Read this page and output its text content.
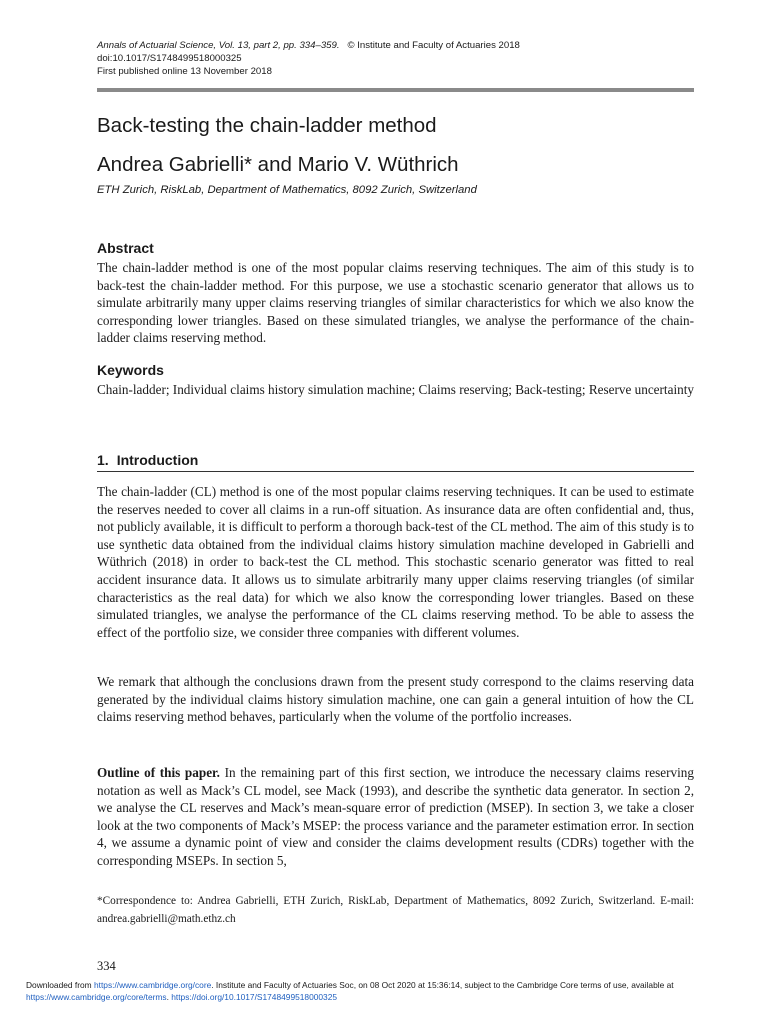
Annals of Actuarial Science, Vol. 13, part 2, pp. 334–359. © Institute and Faculty of Actuaries 2018
doi:10.1017/S1748499518000325
First published online 13 November 2018
Back-testing the chain-ladder method
Andrea Gabrielli* and Mario V. Wüthrich
ETH Zurich, RiskLab, Department of Mathematics, 8092 Zurich, Switzerland
Abstract
The chain-ladder method is one of the most popular claims reserving techniques. The aim of this study is to back-test the chain-ladder method. For this purpose, we use a stochastic scenario generator that allows us to simulate arbitrarily many upper claims reserving triangles of similar characteristics for which we also know the corresponding lower triangles. Based on these simulated triangles, we analyse the performance of the chain-ladder claims reserving method.
Keywords
Chain-ladder; Individual claims history simulation machine; Claims reserving; Back-testing; Reserve uncertainty
1. Introduction
The chain-ladder (CL) method is one of the most popular claims reserving techniques. It can be used to estimate the reserves needed to cover all claims in a run-off situation. As insurance data are often confidential and, thus, not publicly available, it is difficult to perform a thorough back-test of the CL method. The aim of this study is to use synthetic data obtained from the individual claims history simulation machine developed in Gabrielli and Wüthrich (2018) in order to back-test the CL method. This stochastic scenario generator was fitted to real accident insurance data. It allows us to simulate arbitrarily many upper claims reserving triangles (of similar characteristics as the real data) for which we also know the corresponding lower triangles. Based on these simulated triangles, we analyse the performance of the CL claims reserving method. To be able to assess the effect of the portfolio size, we consider three companies with different volumes.
We remark that although the conclusions drawn from the present study correspond to the claims reserving data generated by the individual claims history simulation machine, one can gain a general intuition of how the CL claims reserving method behaves, particularly when the volume of the portfolio increases.
Outline of this paper. In the remaining part of this first section, we introduce the necessary claims reserving notation as well as Mack’s CL model, see Mack (1993), and describe the synthetic data generator. In section 2, we analyse the CL reserves and Mack’s mean-square error of prediction (MSEP). In section 3, we take a closer look at the two components of Mack’s MSEP: the process variance and the parameter estimation error. In section 4, we assume a dynamic point of view and consider the claims development results (CDRs) together with the corresponding MSEPs. In section 5,
*Correspondence to: Andrea Gabrielli, ETH Zurich, RiskLab, Department of Mathematics, 8092 Zurich, Switzerland. E-mail: andrea.gabrielli@math.ethz.ch
334
Downloaded from https://www.cambridge.org/core. Institute and Faculty of Actuaries Soc, on 08 Oct 2020 at 15:36:14, subject to the Cambridge Core terms of use, available at https://www.cambridge.org/core/terms. https://doi.org/10.1017/S1748499518000325
